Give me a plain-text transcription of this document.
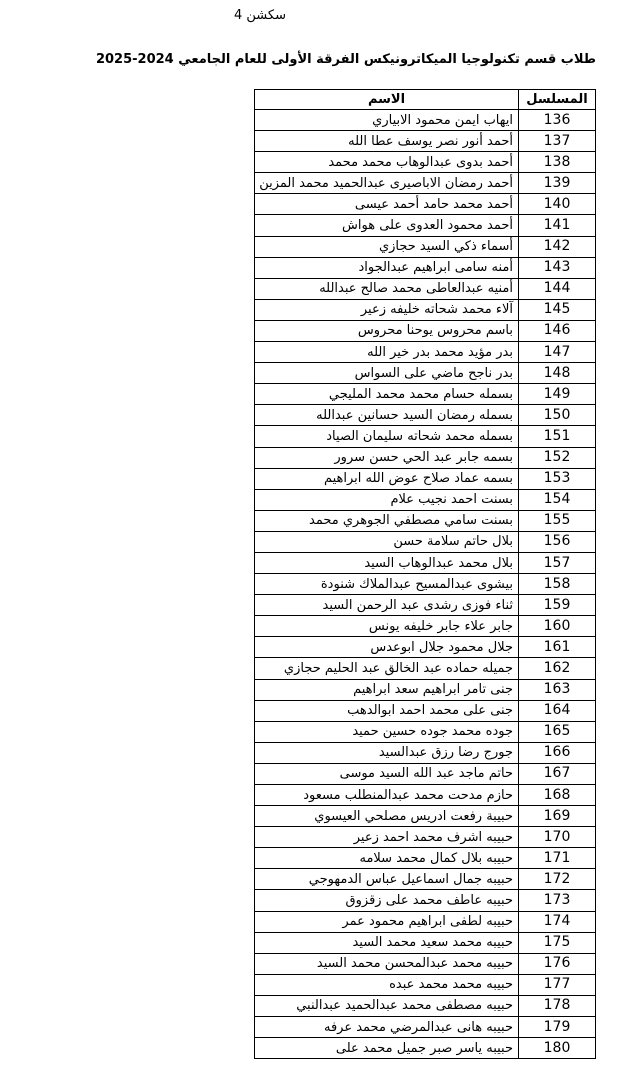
سكشن 4
طلاب قسم تكنولوجيا الميكاترونيكس الفرقة الأولى للعام الجامعي 2024-2025
المسلسل	الاسم
136	ايهاب ايمن محمود الابياري
137	أحمد أنور نصر يوسف عطا الله
138	أحمد بدوى عبدالوهاب محمد محمد
139	أحمد رمضان الاباصيرى عبدالحميد محمد المزين
140	أحمد محمد حامد أحمد عيسى
141	أحمد محمود العدوى على هواش
142	أسماء ذكي السيد حجازي
143	أمنه سامى ابراهيم عبدالجواد
144	أمنيه عبدالعاطى محمد صالح عبدالله
145	آلاء محمد شحاته خليفه زعير
146	باسم محروس يوحنا محروس
147	بدر مؤيد محمد بدر خير الله
148	بدر ناجح ماضي على السواس
149	بسمله حسام محمد محمد المليجي
150	بسمله رمضان السيد حسانين عبدالله
151	بسمله محمد شحاته سليمان الصياد
152	بسمه جابر عبد الحي حسن سرور
153	بسمه عماد صلاح عوض الله ابراهيم
154	بسنت احمد نجيب علام
155	بسنت سامي مصطفي الجوهري محمد
156	بلال حاتم سلامة حسن
157	بلال محمد عبدالوهاب السيد
158	بيشوى عبدالمسيح عبدالملاك شنودة
159	ثناء فوزى رشدى عبد الرحمن السيد
160	جابر علاء جابر خليفه يونس
161	جلال محمود جلال ابوعدس
162	جميله حماده عبد الخالق عبد الحليم حجازي
163	جنى تامر ابراهيم سعد ابراهيم
164	جنى على محمد احمد ابوالدهب
165	جوده محمد جوده حسين حميد
166	جورج رضا رزق عبدالسيد
167	حاتم ماجد عبد الله السيد موسى
168	حازم مدحت محمد عبدالمنطلب مسعود
169	حبيبة رفعت ادريس مصلحي العيسوي
170	حبيبه اشرف محمد احمد زعير
171	حبيبه بلال كمال محمد سلامه
172	حبيبه جمال اسماعيل عباس الدمهوجي
173	حبيبه عاطف محمد على زقزوق
174	حبيبه لطفى ابراهيم محمود عمر
175	حبيبه محمد سعيد محمد السيد
176	حبيبه محمد عبدالمحسن محمد السيد
177	حبيبه محمد محمد عبده
178	حبيبه مصطفى محمد عبدالحميد عبدالنبي
179	حبيبه هانى عبدالمرضي محمد عرفه
180	حبيبه ياسر صبر جميل محمد على
